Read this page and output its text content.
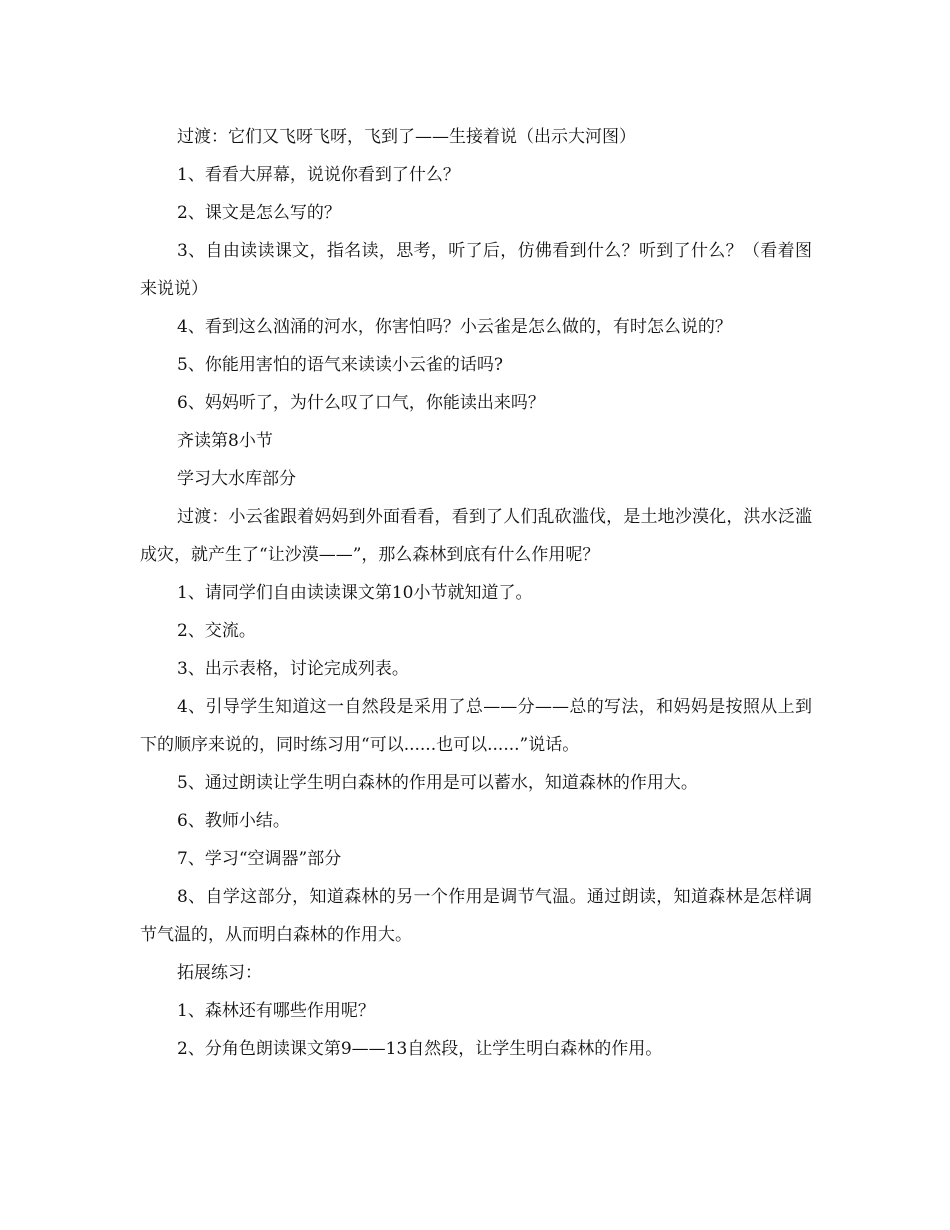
过渡：它们又飞呀飞呀，飞到了——生接着说（出示大河图）

1、看看大屏幕，说说你看到了什么？

2、课文是怎么写的？

3、自由读读课文，指名读，思考，听了后，仿佛看到什么？听到了什么？（看着图来说说）

4、看到这么汹涌的河水，你害怕吗？小云雀是怎么做的，有时怎么说的？

5、你能用害怕的语气来读读小云雀的话吗?

6、妈妈听了，为什么叹了口气，你能读出来吗？

齐读第8小节

学习大水库部分

过渡：小云雀跟着妈妈到外面看看，看到了人们乱砍滥伐，是土地沙漠化，洪水泛滥成灾，就产生了“让沙漠——”，那么森林到底有什么作用呢？

1、请同学们自由读读课文第10小节就知道了。

2、交流。

3、出示表格，讨论完成列表。

4、引导学生知道这一自然段是采用了总——分——总的写法，和妈妈是按照从上到下的顺序来说的，同时练习用“可以......也可以......”说话。

5、通过朗读让学生明白森林的作用是可以蓄水，知道森林的作用大。

6、教师小结。

7、学习“空调器”部分

8、自学这部分，知道森林的另一个作用是调节气温。通过朗读，知道森林是怎样调节气温的，从而明白森林的作用大。

拓展练习：

1、森林还有哪些作用呢？

2、分角色朗读课文第9——13自然段，让学生明白森林的作用。
